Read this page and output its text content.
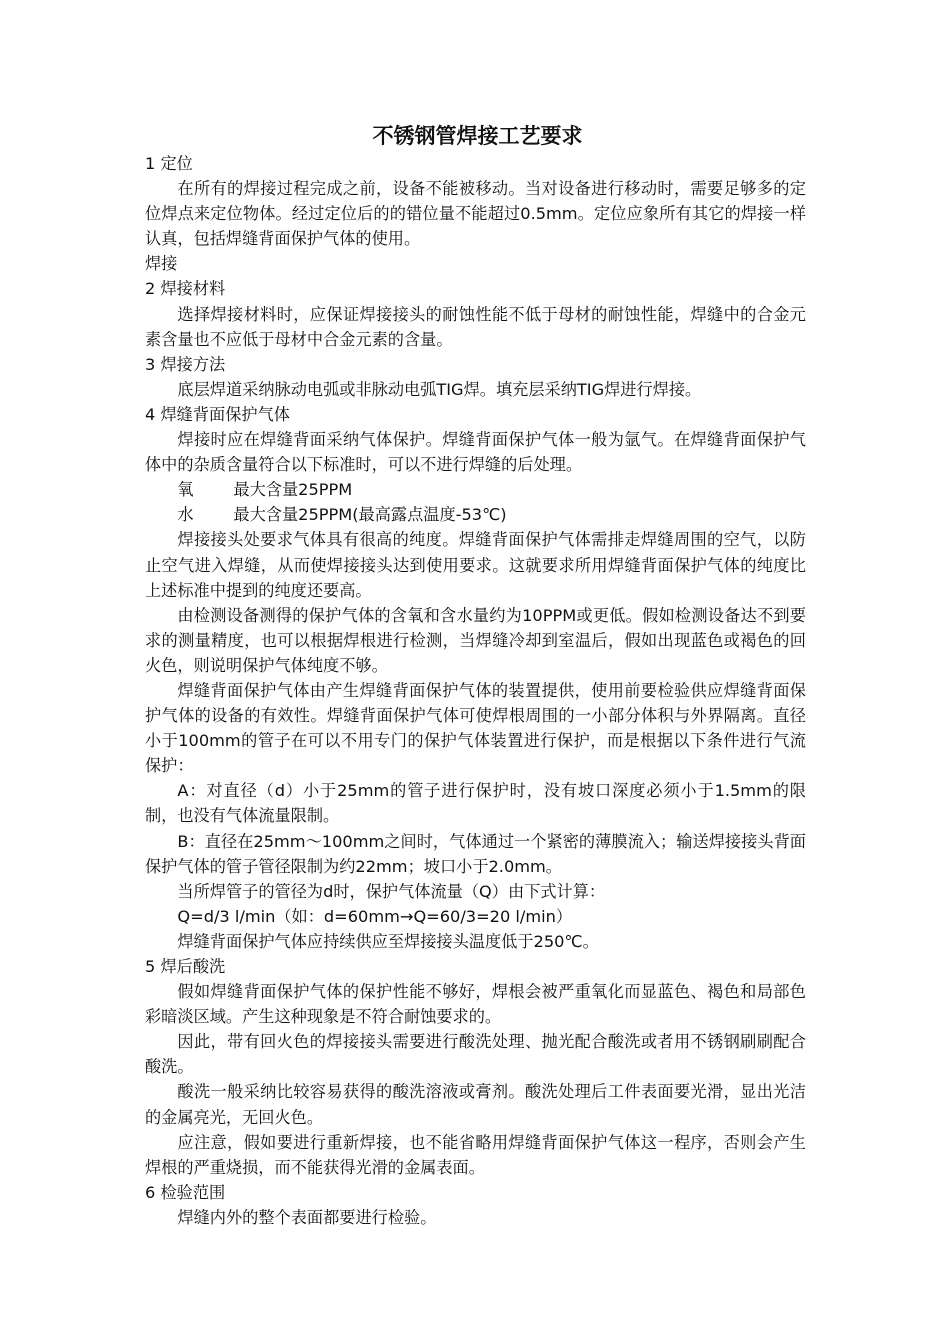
不锈钢管焊接工艺要求
1 定位
在所有的焊接过程完成之前，设备不能被移动。当对设备进行移动时，需要足够多的定位焊点来定位物体。经过定位后的的错位量不能超过0.5mm。定位应象所有其它的焊接一样认真，包括焊缝背面保护气体的使用。
焊接
2 焊接材料
选择焊接材料时，应保证焊接接头的耐蚀性能不低于母材的耐蚀性能，焊缝中的合金元素含量也不应低于母材中合金元素的含量。
3 焊接方法
底层焊道采纳脉动电弧或非脉动电弧TIG焊。填充层采纳TIG焊进行焊接。
4 焊缝背面保护气体
焊接时应在焊缝背面采纳气体保护。焊缝背面保护气体一般为氩气。在焊缝背面保护气体中的杂质含量符合以下标准时，可以不进行焊缝的后处理。
氧 最大含量25PPM
水 最大含量25PPM(最高露点温度-53℃)
焊接接头处要求气体具有很高的纯度。焊缝背面保护气体需排走焊缝周围的空气，以防止空气进入焊缝，从而使焊接接头达到使用要求。这就要求所用焊缝背面保护气体的纯度比上述标准中提到的纯度还要高。
由检测设备测得的保护气体的含氧和含水量约为10PPM或更低。假如检测设备达不到要求的测量精度，也可以根据焊根进行检测，当焊缝冷却到室温后，假如出现蓝色或褐色的回火色，则说明保护气体纯度不够。
焊缝背面保护气体由产生焊缝背面保护气体的装置提供，使用前要检验供应焊缝背面保护气体的设备的有效性。焊缝背面保护气体可使焊根周围的一小部分体积与外界隔离。直径小于100mm的管子在可以不用专门的保护气体装置进行保护，而是根据以下条件进行气流保护：
A：对直径（d）小于25mm的管子进行保护时，没有坡口深度必须小于1.5mm的限制，也没有气体流量限制。
B：直径在25mm～100mm之间时，气体通过一个紧密的薄膜流入；输送焊接接头背面保护气体的管子管径限制为约22mm；坡口小于2.0mm。
当所焊管子的管径为d时，保护气体流量（Q）由下式计算：
Q=d/3 l/min（如：d=60mm→Q=60/3=20 l/min）
焊缝背面保护气体应持续供应至焊接接头温度低于250℃。
5 焊后酸洗
假如焊缝背面保护气体的保护性能不够好，焊根会被严重氧化而显蓝色、褐色和局部色彩暗淡区域。产生这种现象是不符合耐蚀要求的。
因此，带有回火色的焊接接头需要进行酸洗处理、抛光配合酸洗或者用不锈钢刷刷配合酸洗。
酸洗一般采纳比较容易获得的酸洗溶液或膏剂。酸洗处理后工件表面要光滑，显出光洁的金属亮光，无回火色。
应注意，假如要进行重新焊接，也不能省略用焊缝背面保护气体这一程序，否则会产生焊根的严重烧损，而不能获得光滑的金属表面。
6 检验范围
焊缝内外的整个表面都要进行检验。
